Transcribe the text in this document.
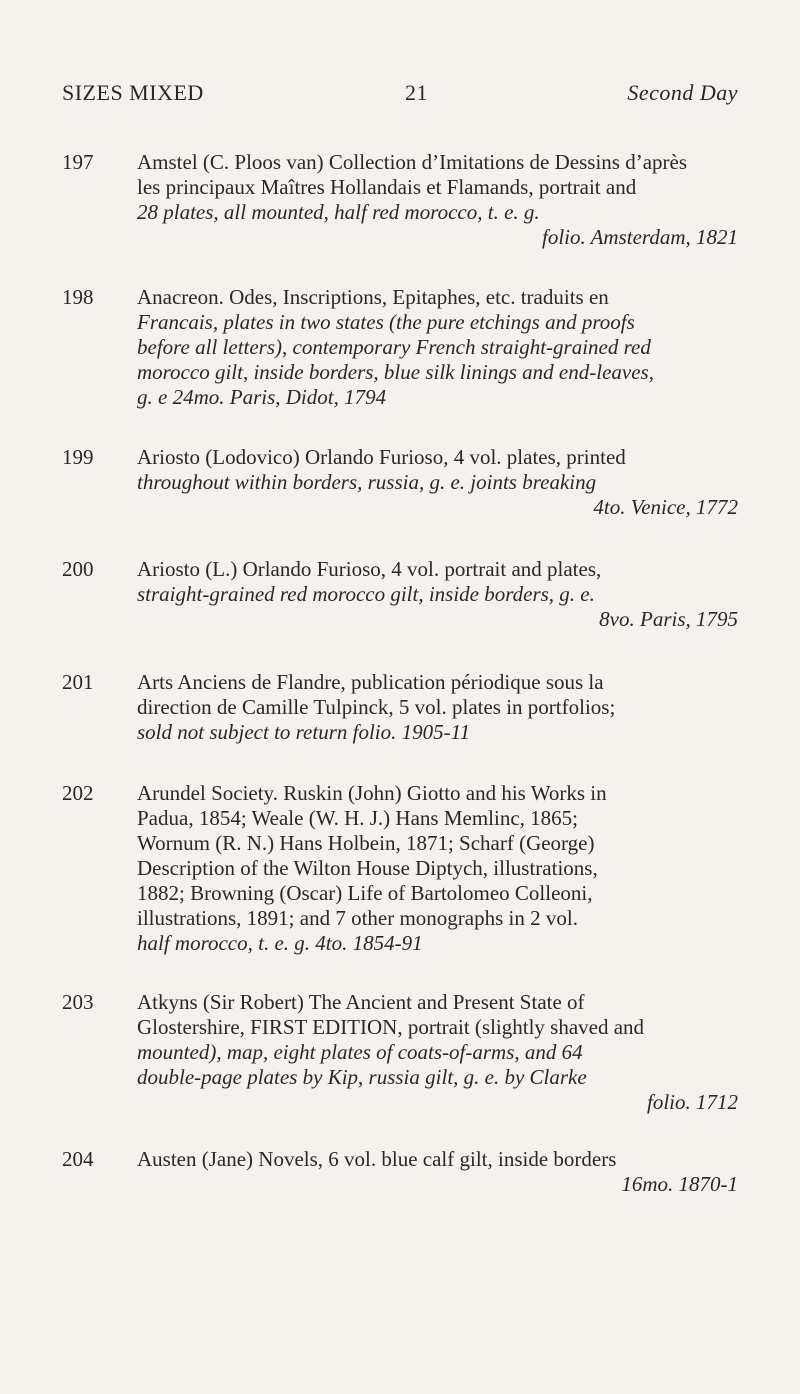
SIZES MIXED	21	Second Day
197	Amstel (C. Ploos van) Collection d’Imitations de Dessins d’après
les principaux Maîtres Hollandais et Flamands, portrait and
28 plates, all mounted, half red morocco, t. e. g.
folio. Amsterdam, 1821
198	Anacreon. Odes, Inscriptions, Epitaphes, etc. traduits en
Francais, plates in two states (the pure etchings and proofs
before all letters), contemporary French straight-grained red
morocco gilt, inside borders, blue silk linings and end-leaves,
g. e 24mo. Paris, Didot, 1794
199	Ariosto (Lodovico) Orlando Furioso, 4 vol. plates, printed
throughout within borders, russia, g. e. joints breaking
4to. Venice, 1772
200	Ariosto (L.) Orlando Furioso, 4 vol. portrait and plates,
straight-grained red morocco gilt, inside borders, g. e.
8vo. Paris, 1795
201	Arts Anciens de Flandre, publication périodique sous la
direction de Camille Tulpinck, 5 vol. plates in portfolios;
sold not subject to return folio. 1905-11
202	Arundel Society. Ruskin (John) Giotto and his Works in
Padua, 1854; Weale (W. H. J.) Hans Memlinc, 1865;
Wornum (R. N.) Hans Holbein, 1871; Scharf (George)
Description of the Wilton House Diptych, illustrations,
1882; Browning (Oscar) Life of Bartolomeo Colleoni,
illustrations, 1891; and 7 other monographs in 2 vol.
half morocco, t. e. g. 4to. 1854-91
203	Atkyns (Sir Robert) The Ancient and Present State of
Glostershire, FIRST EDITION, portrait (slightly shaved and
mounted), map, eight plates of coats-of-arms, and 64
double-page plates by Kip, russia gilt, g. e. by Clarke
folio. 1712
204	Austen (Jane) Novels, 6 vol. blue calf gilt, inside borders
16mo. 1870-1
